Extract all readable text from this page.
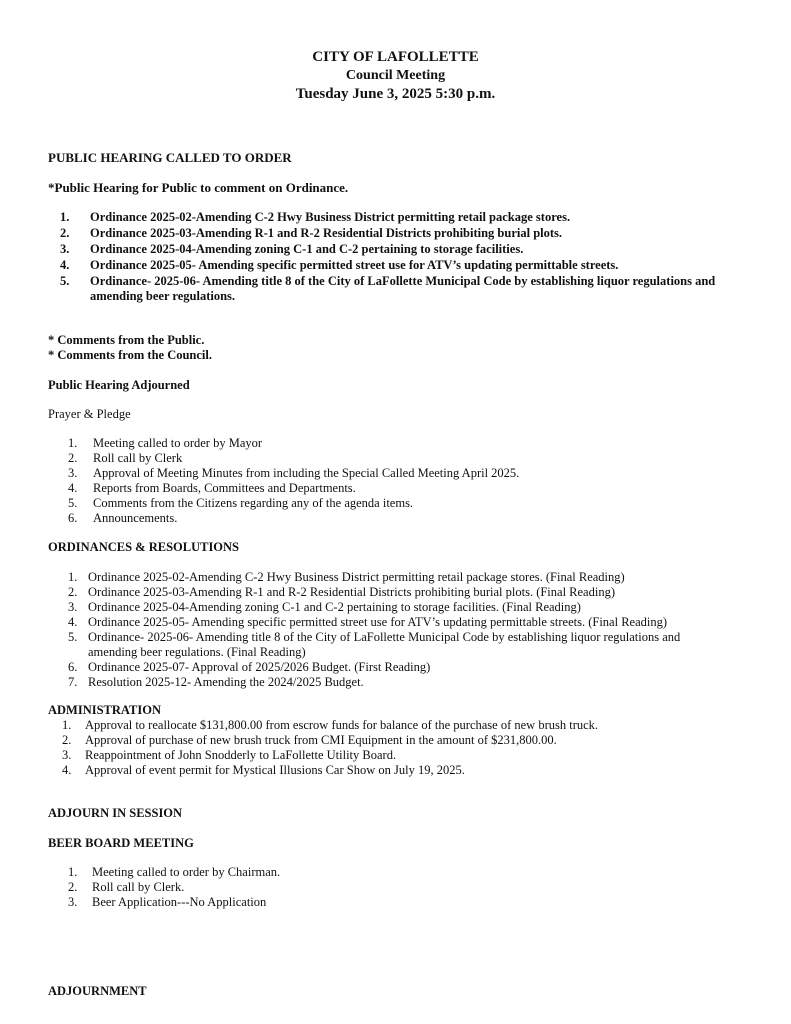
CITY OF LAFOLLETTE
Council Meeting
Tuesday June 3, 2025 5:30 p.m.
PUBLIC HEARING CALLED TO ORDER
*Public Hearing for Public to comment on Ordinance.
1. Ordinance 2025-02-Amending C-2 Hwy Business District permitting retail package stores.
2. Ordinance 2025-03-Amending R-1 and R-2 Residential Districts prohibiting burial plots.
3. Ordinance 2025-04-Amending zoning C-1 and C-2 pertaining to storage facilities.
4. Ordinance 2025-05- Amending specific permitted street use for ATV’s updating permittable streets.
5. Ordinance- 2025-06- Amending title 8 of the City of LaFollette Municipal Code by establishing liquor regulations and
amending beer regulations.
* Comments from the Public.
* Comments from the Council.
Public Hearing Adjourned
Prayer & Pledge
1. Meeting called to order by Mayor
2. Roll call by Clerk
3. Approval of Meeting Minutes from including the Special Called Meeting April 2025.
4. Reports from Boards, Committees and Departments.
5. Comments from the Citizens regarding any of the agenda items.
6. Announcements.
ORDINANCES & RESOLUTIONS
1. Ordinance 2025-02-Amending C-2 Hwy Business District permitting retail package stores. (Final Reading)
2. Ordinance 2025-03-Amending R-1 and R-2 Residential Districts prohibiting burial plots. (Final Reading)
3. Ordinance 2025-04-Amending zoning C-1 and C-2 pertaining to storage facilities. (Final Reading)
4. Ordinance 2025-05- Amending specific permitted street use for ATV’s updating permittable streets. (Final Reading)
5. Ordinance- 2025-06- Amending title 8 of the City of LaFollette Municipal Code by establishing liquor regulations and
amending beer regulations. (Final Reading)
6. Ordinance 2025-07- Approval of 2025/2026 Budget. (First Reading)
7. Resolution 2025-12- Amending the 2024/2025 Budget.
ADMINISTRATION
1. Approval to reallocate $131,800.00 from escrow funds for balance of the purchase of new brush truck.
2. Approval of purchase of new brush truck from CMI Equipment in the amount of $231,800.00.
3. Reappointment of John Snodderly to LaFollette Utility Board.
4. Approval of event permit for Mystical Illusions Car Show on July 19, 2025.
ADJOURN IN SESSION
BEER BOARD MEETING
1. Meeting called to order by Chairman.
2. Roll call by Clerk.
3. Beer Application---No Application
ADJOURNMENT
